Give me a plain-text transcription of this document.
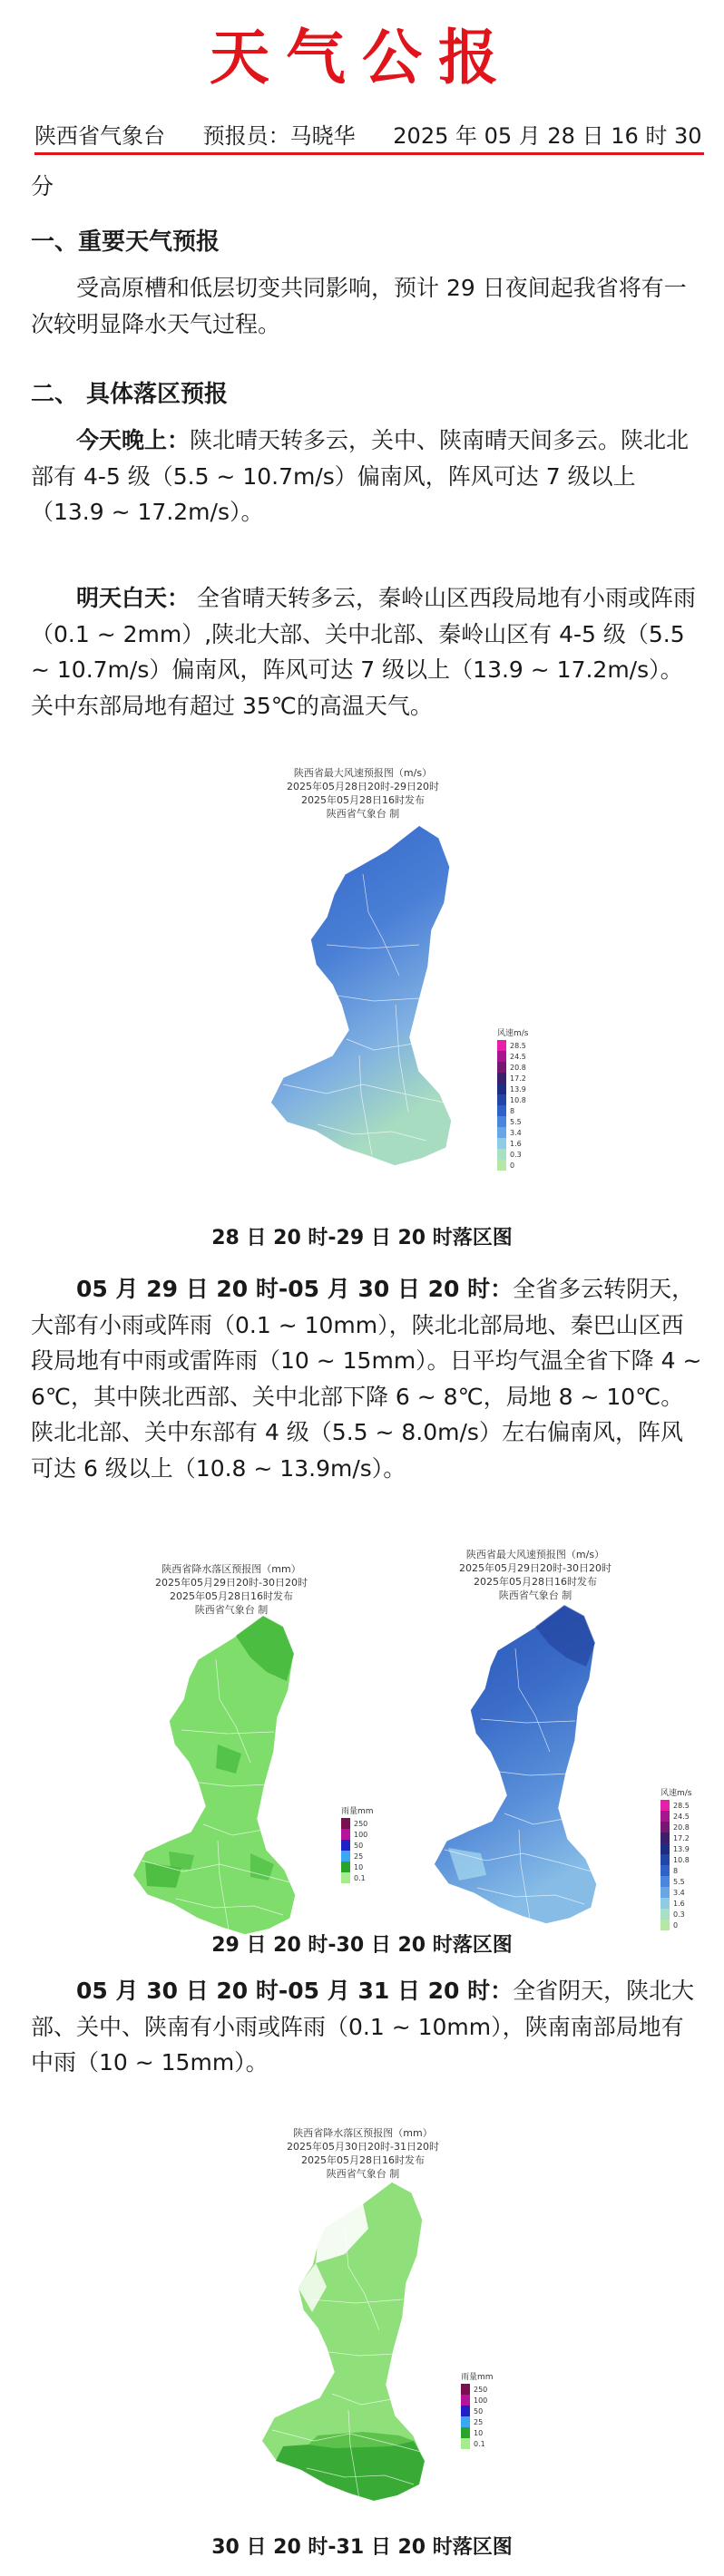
天气公报
陕西省气象台 预报员：马晓华 2025 年 05 月 28 日 16 时 30
分
一、重要天气预报
受高原槽和低层切变共同影响，预计 29 日夜间起我省将有一次较明显降水天气过程。
二、 具体落区预报
今天晚上：陕北晴天转多云，关中、陕南晴天间多云。陕北北部有 4-5 级（5.5 ~ 10.7m/s）偏南风，阵风可达 7 级以上（13.9 ~ 17.2m/s）。
明天白天： 全省晴天转多云，秦岭山区西段局地有小雨或阵雨（0.1 ~ 2mm）,陕北大部、关中北部、秦岭山区有 4-5 级（5.5 ~ 10.7m/s）偏南风，阵风可达 7 级以上（13.9 ~ 17.2m/s）。关中东部局地有超过 35℃的高温天气。
陕西省最大风速预报图（m/s）
2025年05月28日20时-29日20时
2025年05月28日16时发布
陕西省气象台 制
风速m/s
28.5
24.5
20.8
17.2
13.9
10.8
8
5.5
3.4
1.6
0.3
0
28 日 20 时-29 日 20 时落区图
05 月 29 日 20 时-05 月 30 日 20 时：全省多云转阴天，大部有小雨或阵雨（0.1 ~ 10mm），陕北北部局地、秦巴山区西段局地有中雨或雷阵雨（10 ~ 15mm）。日平均气温全省下降 4 ~ 6℃，其中陕北西部、关中北部下降 6 ~ 8℃，局地 8 ~ 10℃。陕北北部、关中东部有 4 级（5.5 ~ 8.0m/s）左右偏南风，阵风可达 6 级以上（10.8 ~ 13.9m/s）。
陕西省降水落区预报图（mm）
2025年05月29日20时-30日20时
2025年05月28日16时发布
陕西省气象台 制
雨量mm
250
100
50
25
10
0.1
陕西省最大风速预报图（m/s）
2025年05月29日20时-30日20时
2025年05月28日16时发布
陕西省气象台 制
风速m/s
28.5
24.5
20.8
17.2
13.9
10.8
8
5.5
3.4
1.6
0.3
0
29 日 20 时-30 日 20 时落区图
05 月 30 日 20 时-05 月 31 日 20 时：全省阴天，陕北大部、关中、陕南有小雨或阵雨（0.1 ~ 10mm），陕南南部局地有中雨（10 ~ 15mm）。
陕西省降水落区预报图（mm）
2025年05月30日20时-31日20时
2025年05月28日16时发布
陕西省气象台 制
雨量mm
250
100
50
25
10
0.1
30 日 20 时-31 日 20 时落区图
